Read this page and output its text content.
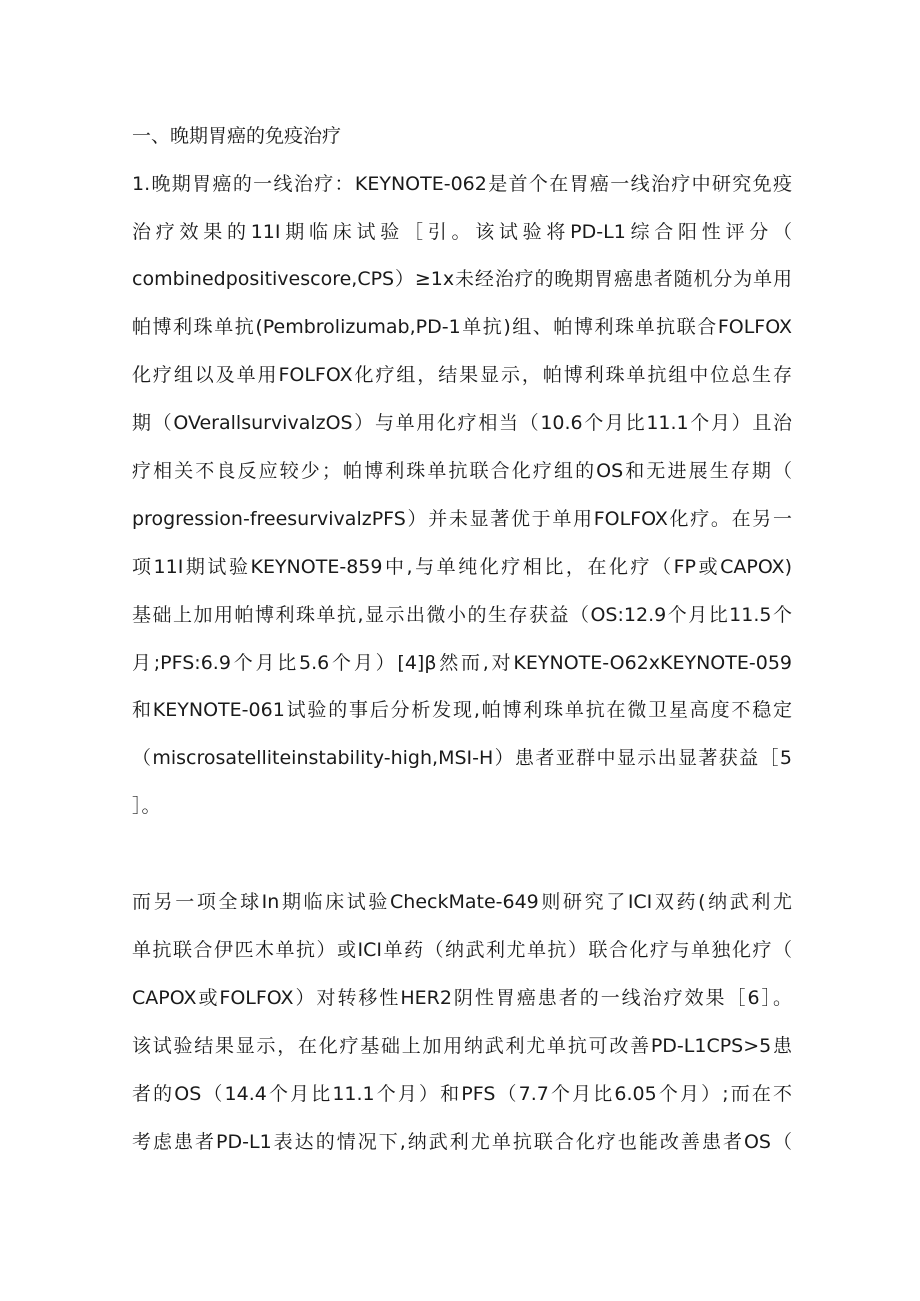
一、晚期胃癌的免疫治疗
1.晚期胃癌的一线治疗：KEYNOTE-062是首个在胃癌一线治疗中研究免疫
治疗效果的11I期临床试验［引。该试验将PD-L1综合阳性评分（
combinedpositivescore,CPS）≥1x未经治疗的晚期胃癌患者随机分为单用
帕博利珠单抗(Pembrolizumab,PD-1单抗)组、帕博利珠单抗联合FOLFOX
化疗组以及单用FOLFOX化疗组，结果显示，帕博利珠单抗组中位总生存
期（OVerallsurvivalzOS）与单用化疗相当（10.6个月比11.1个月）且治
疗相关不良反应较少；帕博利珠单抗联合化疗组的OS和无进展生存期（
progression-freesurvivalzPFS）并未显著优于单用FOLFOX化疗。在另一
项11I期试验KEYNOTE-859中,与单纯化疗相比，在化疗（FP或CAPOX)
基础上加用帕博利珠单抗,显示出微小的生存获益（OS:12.9个月比11.5个
月;PFS:6.9个月比5.6个月）[4]β然而,对KEYNOTE-O62xKEYNOTE-059
和KEYNOTE-061试验的事后分析发现,帕博利珠单抗在微卫星高度不稳定
（miscrosatelliteinstability-high,MSI-H）患者亚群中显示出显著获益［5
］。
而另一项全球In期临床试验CheckMate-649则研究了ICI双药(纳武利尤
单抗联合伊匹木单抗）或ICI单药（纳武利尤单抗）联合化疗与单独化疗（
CAPOX或FOLFOX）对转移性HER2阴性胃癌患者的一线治疗效果［6］。
该试验结果显示，在化疗基础上加用纳武利尤单抗可改善PD-L1CPS>5患
者的OS（14.4个月比11.1个月）和PFS（7.7个月比6.05个月）;而在不
考虑患者PD-L1表达的情况下,纳武利尤单抗联合化疗也能改善患者OS（
